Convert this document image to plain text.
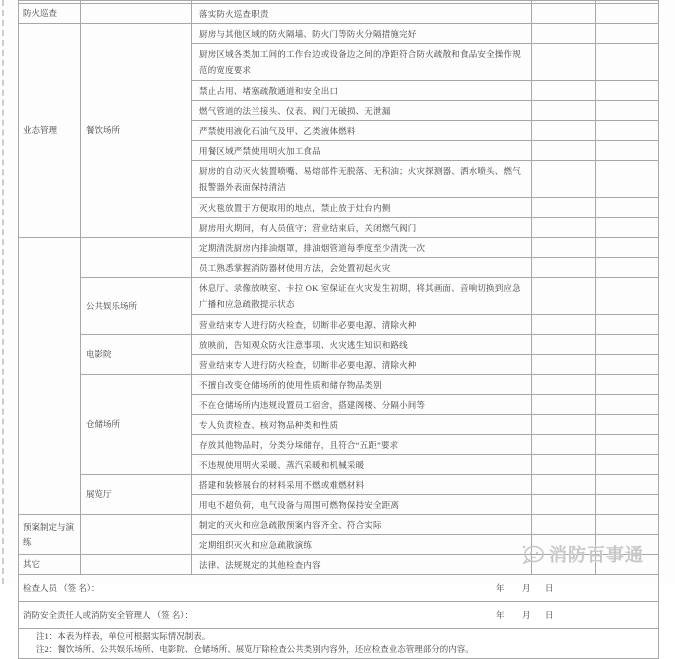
防火巡查		落实防火巡查职责		
业态管理	餐饮场所	厨房与其他区域的防火隔墙、防火门等防火分隔措施完好		
		厨房区域各类加工间的工作台边或设备边之间的净距符合防火疏散和食品安全操作规范的宽度要求		
		禁止占用、堵塞疏散通道和安全出口		
		燃气管道的法兰接头、仪表、阀门无破损、无泄漏		
		严禁使用液化石油气及甲、乙类液体燃料		
		用餐区域严禁使用明火加工食品		
		厨房的自动灭火装置喷嘴、易熔部件无脱落、无积油；火灾探测器、洒水喷头、燃气报警器外表面保持清洁		
		灭火毯放置于方便取用的地点，禁止放于灶台内侧		
		厨房用火期间，有人员值守；营业结束后，关闭燃气阀门		
		定期清洗厨房内排油烟罩，排油烟管道每季度至少清洗一次		
		员工熟悉掌握消防器材使用方法，会处置初起火灾		
	公共娱乐场所	休息厅、录像放映室、卡拉 OK 室保证在火灾发生初期，将其画面、音响切换到应急广播和应急疏散提示状态		
		营业结束专人进行防火检查，切断非必要电源、清除火种		
	电影院	放映前，告知观众防火注意事项、火灾逃生知识和路线		
		营业结束专人进行防火检查，切断非必要电源、清除火种		
	仓储场所	不擅自改变仓储场所的使用性质和储存物品类别		
		不在仓储场所内违规设置员工宿舍，搭建阁楼、分隔小间等		
		专人负责检查、核对物品种类和性质		
		存放其他物品时，分类分垛储存，且符合“五距”要求		
		不违规使用明火采暖、蒸汽采暖和机械采暖		
	展览厅	搭建和装修展台的材料采用不燃或难燃材料		
		用电不超负荷，电气设备与周围可燃物保持安全距离		
预案制定与演练		制定的灭火和应急疏散预案内容齐全、符合实际		
		定期组织灭火和应急疏散演练		
其它		法律、法规规定的其他检查内容		
检查人员 （签 名）： 年 月 日				

消防安全责任人或消防安全管理人 （签 名）： 年 月 日				

注1：本表为样表，单位可根据实际情况制表。
注2：餐饮场所、公共娱乐场所、电影院、仓储场所、展览厅除检查公共类别内容外，还应检查业态管理部分的内容。				
消防百事通
